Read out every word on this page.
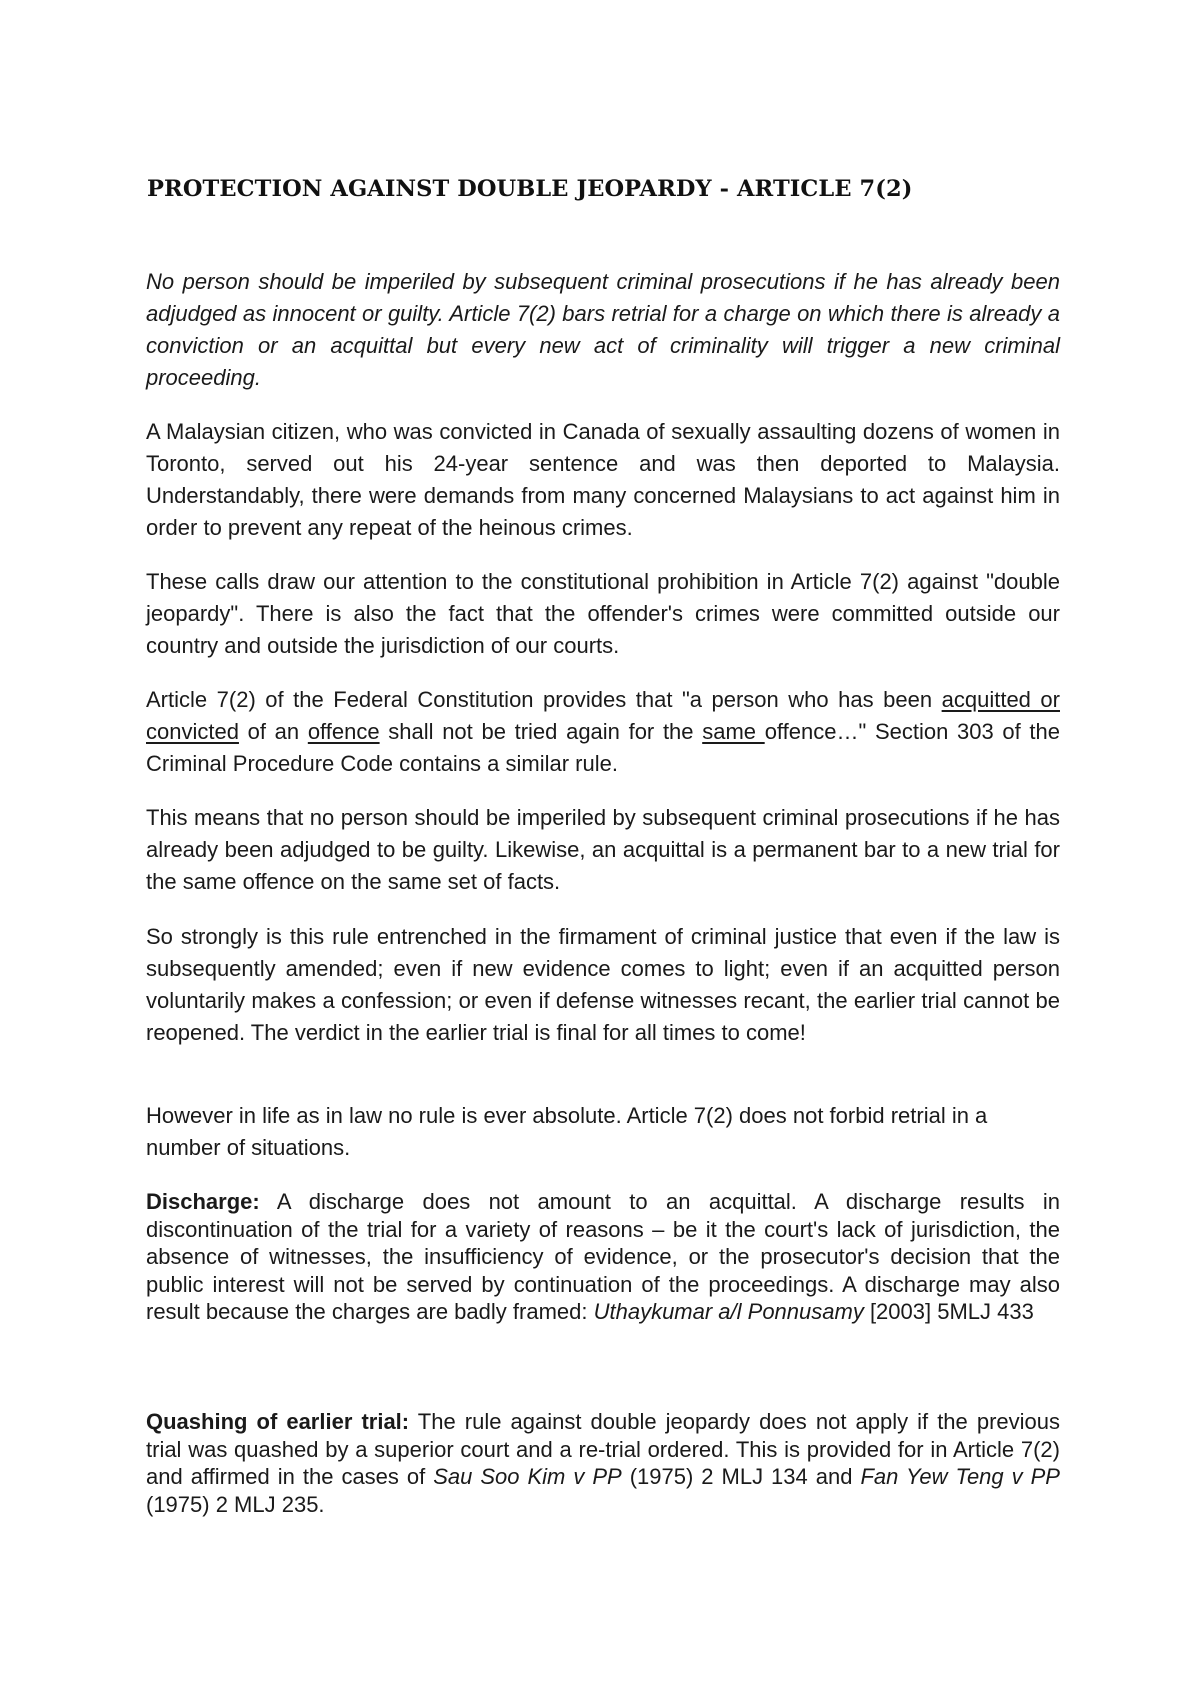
PROTECTION AGAINST DOUBLE JEOPARDY - ARTICLE 7(2)

No person should be imperiled by subsequent criminal prosecutions if he has already been adjudged as innocent or guilty. Article 7(2) bars retrial for a charge on which there is already a conviction or an acquittal but every new act of criminality will trigger a new criminal proceeding.

A Malaysian citizen, who was convicted in Canada of sexually assaulting dozens of women in Toronto, served out his 24-year sentence and was then deported to Malaysia. Understandably, there were demands from many concerned Malaysians to act against him in order to prevent any repeat of the heinous crimes.

These calls draw our attention to the constitutional prohibition in Article 7(2) against "double jeopardy". There is also the fact that the offender's crimes were committed outside our country and outside the jurisdiction of our courts.

Article 7(2) of the Federal Constitution provides that "a person who has been acquitted or convicted of an offence shall not be tried again for the same offence…" Section 303 of the Criminal Procedure Code contains a similar rule.

This means that no person should be imperiled by subsequent criminal prosecutions if he has already been adjudged to be guilty. Likewise, an acquittal is a permanent bar to a new trial for the same offence on the same set of facts.

So strongly is this rule entrenched in the firmament of criminal justice that even if the law is subsequently amended; even if new evidence comes to light; even if an acquitted person voluntarily makes a confession; or even if defense witnesses recant, the earlier trial cannot be reopened. The verdict in the earlier trial is final for all times to come!

However in life as in law no rule is ever absolute. Article 7(2) does not forbid retrial in a number of situations.

Discharge: A discharge does not amount to an acquittal. A discharge results in discontinuation of the trial for a variety of reasons – be it the court's lack of jurisdiction, the absence of witnesses, the insufficiency of evidence, or the prosecutor's decision that the public interest will not be served by continuation of the proceedings. A discharge may also result because the charges are badly framed: Uthaykumar a/l Ponnusamy [2003] 5MLJ 433

Quashing of earlier trial: The rule against double jeopardy does not apply if the previous trial was quashed by a superior court and a re-trial ordered. This is provided for in Article 7(2) and affirmed in the cases of Sau Soo Kim v PP (1975) 2 MLJ 134 and Fan Yew Teng v PP (1975) 2 MLJ 235.
